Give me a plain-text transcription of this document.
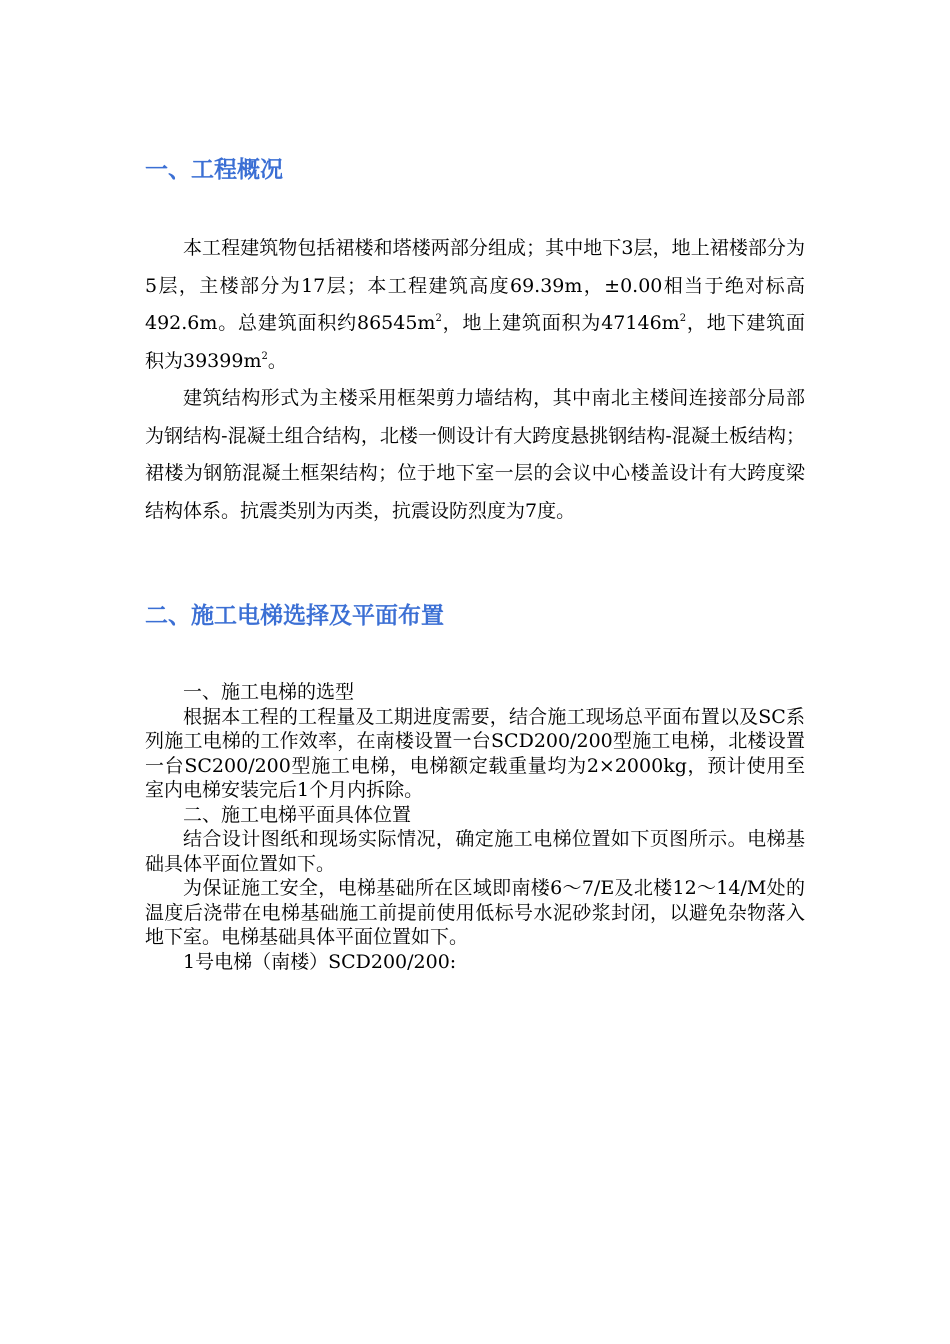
一、工程概况

本工程建筑物包括裙楼和塔楼两部分组成；其中地下3层，地上裙楼部分为5层，主楼部分为17层；本工程建筑高度69.39m，±0.00相当于绝对标高492.6m。总建筑面积约$86545m^2$，地上建筑面积为$47146m^2$，地下建筑面积为$39399m^2$。

建筑结构形式为主楼采用框架剪力墙结构，其中南北主楼间连接部分局部为钢结构-混凝土组合结构，北楼一侧设计有大跨度悬挑钢结构-混凝土板结构；裙楼为钢筋混凝土框架结构；位于地下室一层的会议中心楼盖设计有大跨度梁结构体系。抗震类别为丙类，抗震设防烈度为7度。

二、施工电梯选择及平面布置

一、施工电梯的选型

根据本工程的工程量及工期进度需要，结合施工现场总平面布置以及SC系列施工电梯的工作效率，在南楼设置一台SCD200/200型施工电梯，北楼设置一台SC200/200型施工电梯，电梯额定载重量均为2×2000kg，预计使用至室内电梯安装完后1个月内拆除。

二、施工电梯平面具体位置

结合设计图纸和现场实际情况，确定施工电梯位置如下页图所示。电梯基础具体平面位置如下。

为保证施工安全，电梯基础所在区域即南楼6～7/E及北楼12～14/M处的温度后浇带在电梯基础施工前提前使用低标号水泥砂浆封闭，以避免杂物落入地下室。电梯基础具体平面位置如下。

1号电梯（南楼）SCD200/200:
